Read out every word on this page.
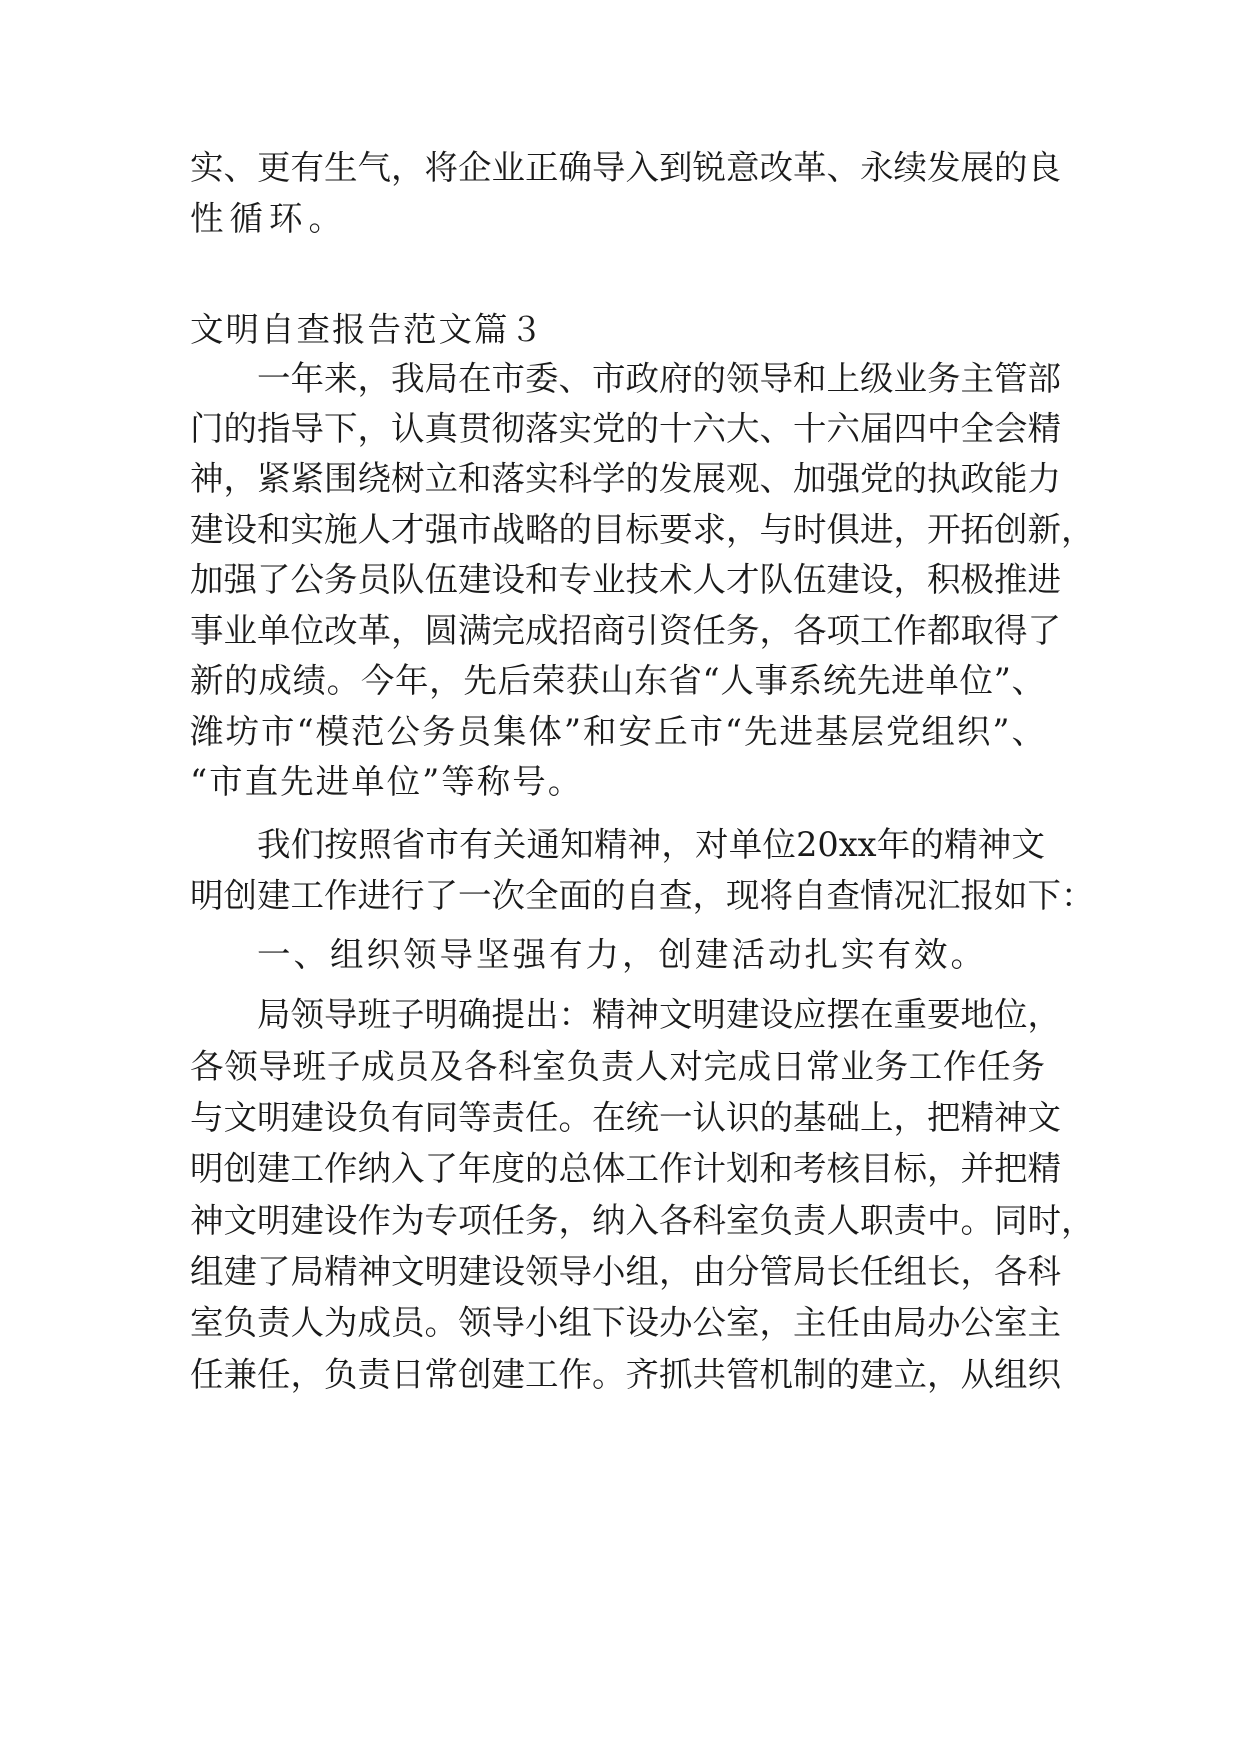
实、更有生气，将企业正确导入到锐意改革、永续发展的良

性循环。

文明自查报告范文篇３

一年来，我局在市委、市政府的领导和上级业务主管部

门的指导下，认真贯彻落实党的十六大、十六届四中全会精

神，紧紧围绕树立和落实科学的发展观、加强党的执政能力

建设和实施人才强市战略的目标要求，与时俱进，开拓创新，

加强了公务员队伍建设和专业技术人才队伍建设，积极推进

事业单位改革，圆满完成招商引资任务，各项工作都取得了

新的成绩。今年，先后荣获山东省“人事系统先进单位”、

潍坊市“模范公务员集体”和安丘市“先进基层党组织”、

“市直先进单位”等称号。

我们按照省市有关通知精神，对单位20xx年的精神文

明创建工作进行了一次全面的自查，现将自查情况汇报如下：

一、组织领导坚强有力，创建活动扎实有效。

局领导班子明确提出：精神文明建设应摆在重要地位，

各领导班子成员及各科室负责人对完成日常业务工作任务

与文明建设负有同等责任。在统一认识的基础上，把精神文

明创建工作纳入了年度的总体工作计划和考核目标，并把精

神文明建设作为专项任务，纳入各科室负责人职责中。同时，

组建了局精神文明建设领导小组，由分管局长任组长，各科

室负责人为成员。领导小组下设办公室，主任由局办公室主

任兼任，负责日常创建工作。齐抓共管机制的建立，从组织
